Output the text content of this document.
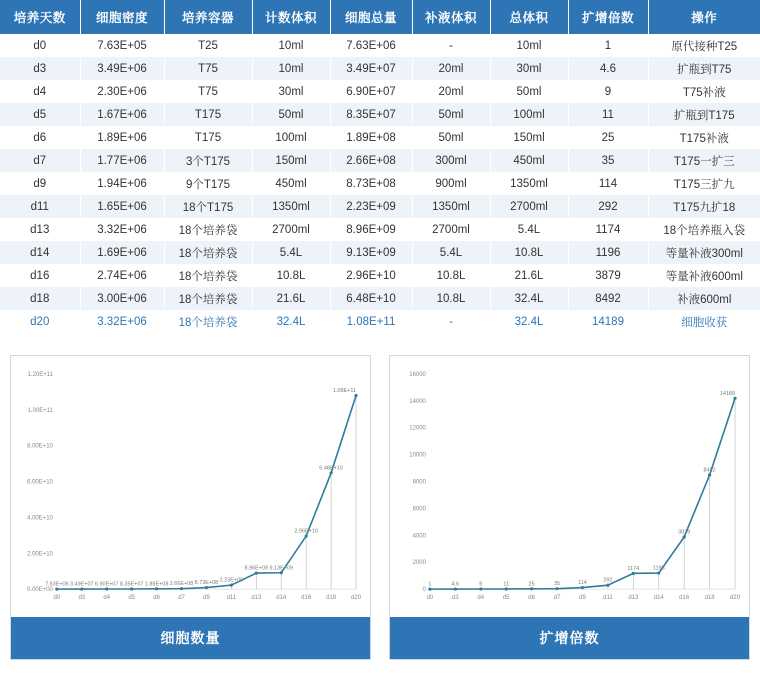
培养天数	细胞密度	培养容器	计数体积	细胞总量	补液体积	总体积	扩增倍数	操作
d0	7.63E+05	T25	10ml	7.63E+06	-	10ml	1	原代接种T25
d3	3.49E+06	T75	10ml	3.49E+07	20ml	30ml	4.6	扩瓶到T75
d4	2.30E+06	T75	30ml	6.90E+07	20ml	50ml	9	T75补液
d5	1.67E+06	T175	50ml	8.35E+07	50ml	100ml	11	扩瓶到T175
d6	1.89E+06	T175	100ml	1.89E+08	50ml	150ml	25	T175补液
d7	1.77E+06	3个T175	150ml	2.66E+08	300ml	450ml	35	T175一扩三
d9	1.94E+06	9个T175	450ml	8.73E+08	900ml	1350ml	114	T175三扩九
d11	1.65E+06	18个T175	1350ml	2.23E+09	1350ml	2700ml	292	T175九扩18
d13	3.32E+06	18个培养袋	2700ml	8.96E+09	2700ml	5.4L	1174	18个培养瓶入袋
d14	1.69E+06	18个培养袋	5.4L	9.13E+09	5.4L	10.8L	1196	等量补液300ml
d16	2.74E+06	18个培养袋	10.8L	2.96E+10	10.8L	21.6L	3879	等量补液600ml
d18	3.00E+06	18个培养袋	21.6L	6.48E+10	10.8L	32.4L	8492	补液600ml
d20	3.32E+06	18个培养袋	32.4L	1.08E+11	-	32.4L	14189	细胞收获
0.00E+00
2.00E+10
4.00E+10
6.00E+10
8.00E+10
1.00E+11
1.20E+11
d0	d3	d4	d5	d6	d7	d9	d11	d13 d14 d16 d18 d20
7.63E+06 3.49E+07 6.90E+07 8.35E+07 1.89E+08 2.66E+08 8.73E+08 2.23E+09
8.96E+09 9.13E+09
2.96E+10
6.48E+10
1.08E+11
细胞数量
0
2000
4000
6000
8000
10000
12000
14000
16000
d0	d3	d4	d5	d6	d7	d9	d11	d13	d14	d16	d18	d20
1	4.6	9	11	25	35	114	292
1174 1196
3879
8492
14189
扩增倍数
